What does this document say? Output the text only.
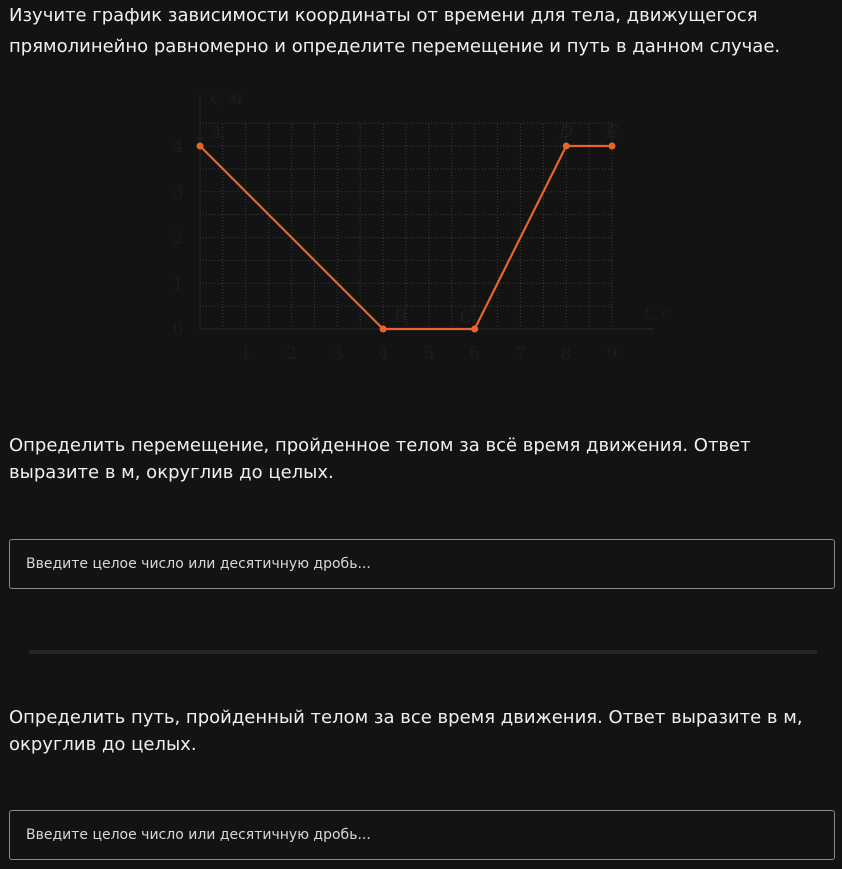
Изучите график зависимости координаты от времени для тела, движущегося прямолинейно равномерно и определите перемещение и путь в данном случае.
1 2 3 4 5 6 7 8 9
0
1
2
3
4
x, м
t, с
A
B	C
D E
Определить перемещение, пройденное телом за всё время движения. Ответ выразите в м, округлив до целых.
Введите целое число или десятичную дробь...
Определить путь, пройденный телом за все время движения. Ответ выразите в м, округлив до целых.
Введите целое число или десятичную дробь...
